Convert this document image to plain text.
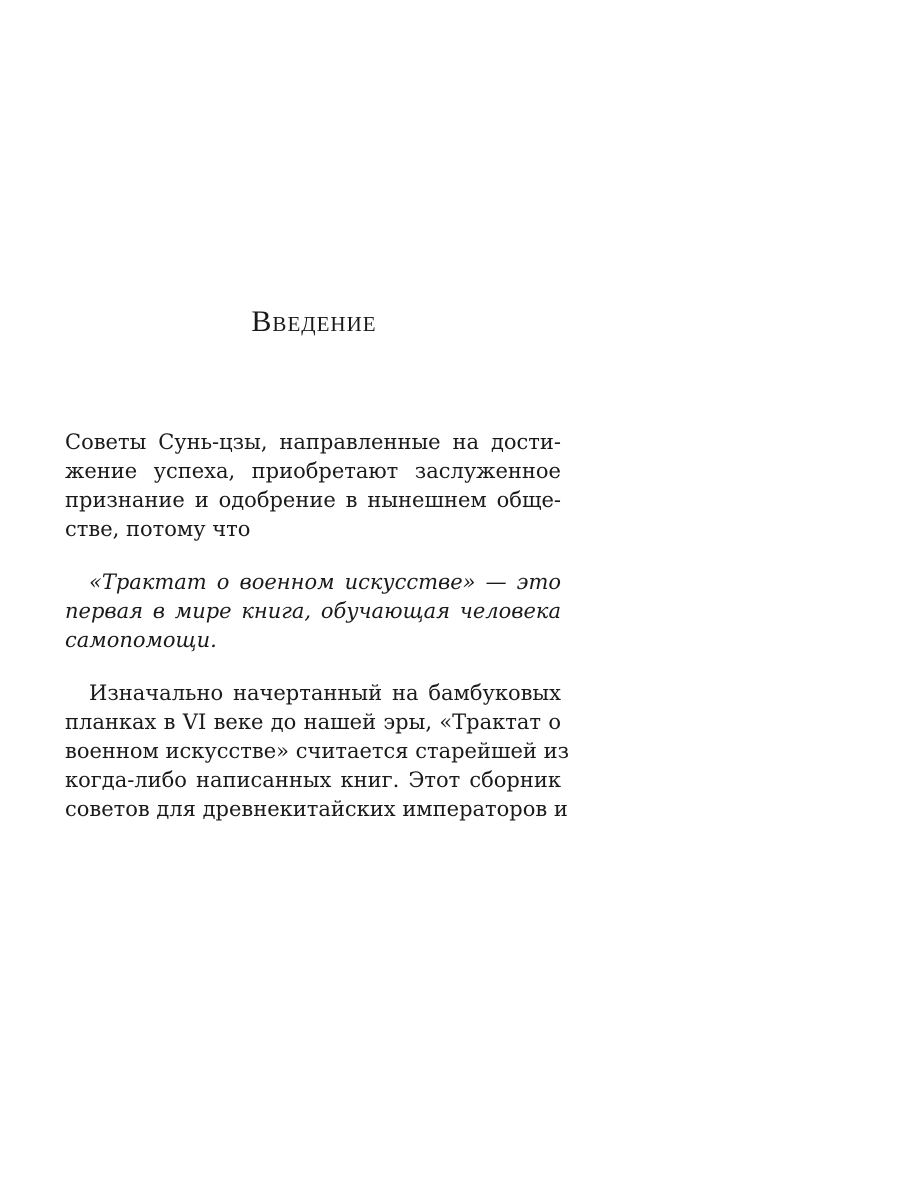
Введение

Советы Сунь-цзы, направленные на дости-
жение успеха, приобретают заслуженное
признание и одобрение в нынешнем обще-
стве, потому что

«Трактат о военном искусстве» — это
первая в мире книга, обучающая человека
самопомощи.

Изначально начертанный на бамбуковых
планках в VI веке до нашей эры, «Трактат о
военном искусстве» считается старейшей из
когда-либо написанных книг. Этот сборник
советов для древнекитайских императоров и
